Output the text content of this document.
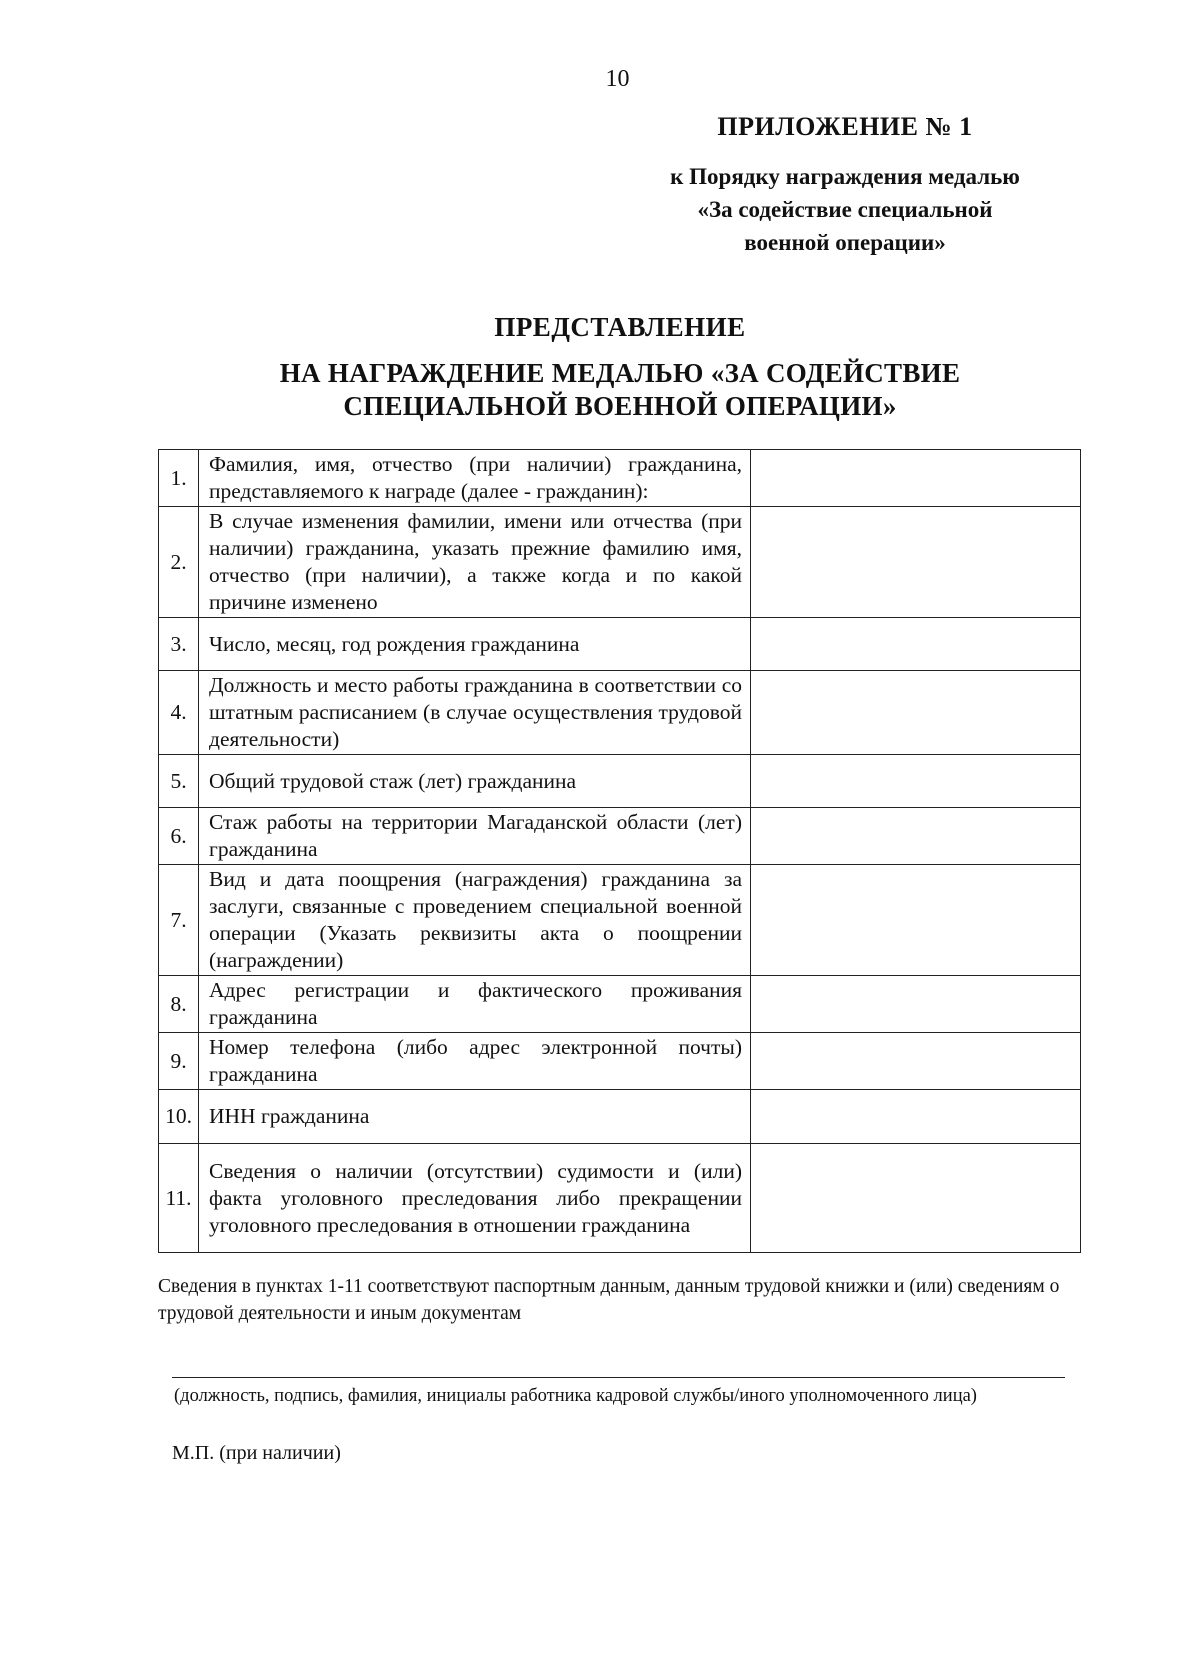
10
ПРИЛОЖЕНИЕ № 1
к Порядку награждения медалью
«За содействие специальной
военной операции»
ПРЕДСТАВЛЕНИЕ
НА НАГРАЖДЕНИЕ МЕДАЛЬЮ «ЗА СОДЕЙСТВИЕ
СПЕЦИАЛЬНОЙ ВОЕННОЙ ОПЕРАЦИИ»
1.	Фамилия, имя, отчество (при наличии) гражданина, представляемого к награде (далее - гражданин):	
2.	В случае изменения фамилии, имени или отчества (при наличии) гражданина, указать прежние фамилию имя, отчество (при наличии), а также когда и по какой причине изменено	
3.	Число, месяц, год рождения гражданина	
4.	Должность и место работы гражданина в соответствии со штатным расписанием (в случае осуществления трудовой деятельности)	
5.	Общий трудовой стаж (лет) гражданина	
6.	Стаж работы на территории Магаданской области (лет) гражданина	
7.	Вид и дата поощрения (награждения) гражданина за заслуги, связанные с проведением специальной военной операции (Указать реквизиты акта о поощрении (награждении)	
8.	Адрес регистрации и фактического проживания гражданина	
9.	Номер телефона (либо адрес электронной почты) гражданина	
10.	ИНН гражданина	
11.	Сведения о наличии (отсутствии) судимости и (или) факта уголовного преследования либо прекращении уголовного преследования в отношении гражданина	
Сведения в пунктах 1-11 соответствуют паспортным данным, данным трудовой книжки и (или) сведениям о трудовой деятельности и иным документам
(должность, подпись, фамилия, инициалы работника кадровой службы/иного уполномоченного лица)
М.П. (при наличии)
